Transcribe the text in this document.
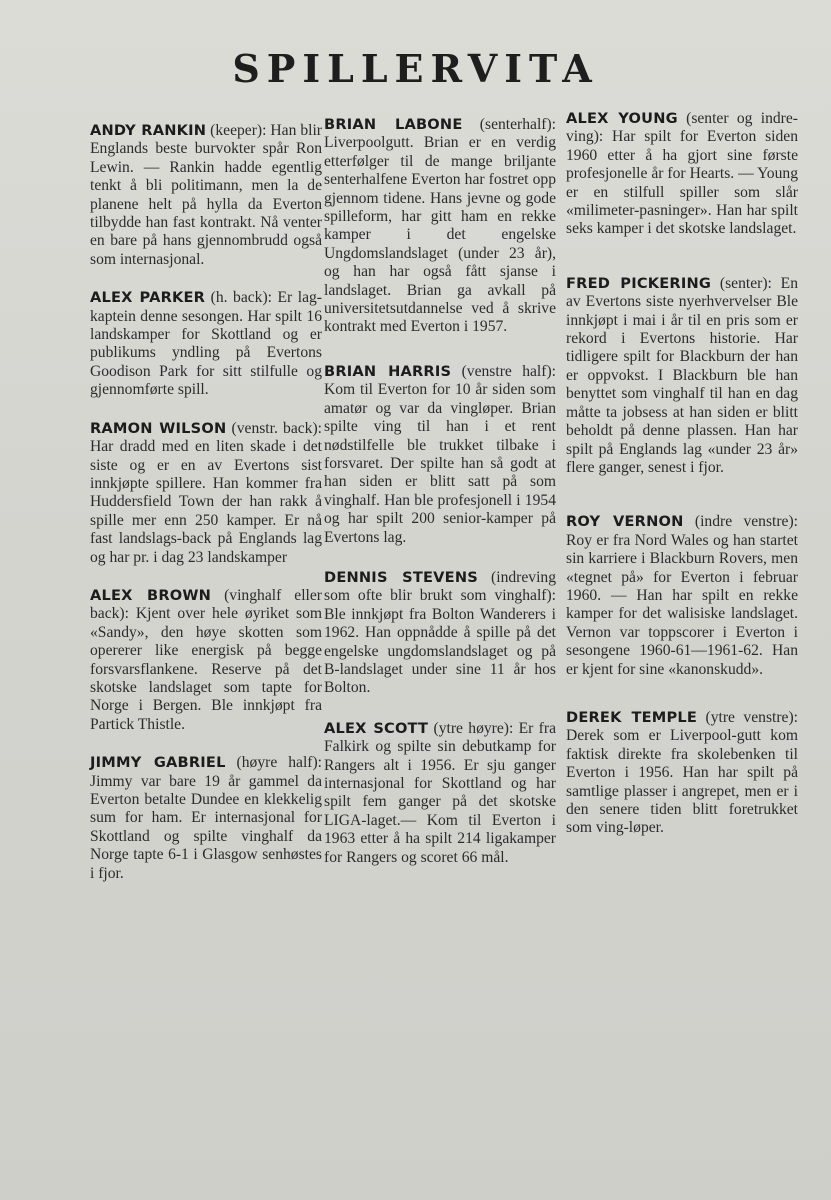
SPILLERVITA

ANDY RANKIN (keeper): Han blir Englands beste burvokter spår Ron Lewin. — Rankin hadde egentlig tenkt å bli politimann, men la de planene helt på hylla da Everton tilbydde han fast kontrakt. Nå venter en bare på hans gjennombrudd også som internasjonal.

ALEX PARKER (h. back): Er lag-kaptein denne sesongen. Har spilt 16 landskamper for Skottland og er publikums yndling på Evertons Goodison Park for sitt stilfulle og gjennomførte spill.

RAMON WILSON (venstr. back): Har dradd med en liten skade i det siste og er en av Evertons sist innkjøpte spillere. Han kommer fra Huddersfield Town der han rakk å spille mer enn 250 kamper. Er nå fast landslags-back på Englands lag og har pr. i dag 23 landskamper

ALEX BROWN (vinghalf eller back): Kjent over hele øyriket som «Sandy», den høye skotten som opererer like energisk på begge forsvarsflankene. Reserve på det skotske landslaget som tapte for Norge i Bergen. Ble innkjøpt fra Partick Thistle.

JIMMY GABRIEL (høyre half): Jimmy var bare 19 år gammel da Everton betalte Dundee en klekkelig sum for ham. Er internasjonal for Skottland og spilte vinghalf da Norge tapte 6-1 i Glasgow senhøstes i fjor.

BRIAN LABONE (senterhalf): Liverpoolgutt. Brian er en verdig etterfølger til de mange briljante senterhalfene Everton har fostret opp gjennom tidene. Hans jevne og gode spilleform, har gitt ham en rekke kamper i det engelske Ungdomslandslaget (under 23 år), og han har også fått sjanse i landslaget. Brian ga avkall på universitetsutdannelse ved å skrive kontrakt med Everton i 1957.

BRIAN HARRIS (venstre half): Kom til Everton for 10 år siden som amatør og var da vingløper. Brian spilte ving til han i et rent nødstilfelle ble trukket tilbake i forsvaret. Der spilte han så godt at han siden er blitt satt på som vinghalf. Han ble profesjonell i 1954 og har spilt 200 senior-kamper på Evertons lag.

DENNIS STEVENS (indreving som ofte blir brukt som vinghalf): Ble innkjøpt fra Bolton Wanderers i 1962. Han oppnådde å spille på det engelske ungdomslandslaget og på B-landslaget under sine 11 år hos Bolton.

ALEX SCOTT (ytre høyre): Er fra Falkirk og spilte sin debutkamp for Rangers alt i 1956. Er sju ganger internasjonal for Skottland og har spilt fem ganger på det skotske LIGA-laget.— Kom til Everton i 1963 etter å ha spilt 214 ligakamper for Rangers og scoret 66 mål.

ALEX YOUNG (senter og indre-ving): Har spilt for Everton siden 1960 etter å ha gjort sine første profesjonelle år for Hearts. — Young er en stilfull spiller som slår «milimeter-pasninger». Han har spilt seks kamper i det skotske landslaget.

FRED PICKERING (senter): En av Evertons siste nyerhvervelser Ble innkjøpt i mai i år til en pris som er rekord i Evertons historie. Har tidligere spilt for Blackburn der han er oppvokst. I Blackburn ble han benyttet som vinghalf til han en dag måtte ta jobsess at han siden er blitt beholdt på denne plassen. Han har spilt på Englands lag «under 23 år» flere ganger, senest i fjor.

ROY VERNON (indre venstre): Roy er fra Nord Wales og han startet sin karriere i Blackburn Rovers, men «tegnet på» for Everton i februar 1960. — Han har spilt en rekke kamper for det walisiske landslaget. Vernon var toppscorer i Everton i sesongene 1960-61—1961-62. Han er kjent for sine «kanonskudd».

DEREK TEMPLE (ytre venstre): Derek som er Liverpool-gutt kom faktisk direkte fra skolebenken til Everton i 1956. Han har spilt på samtlige plasser i angrepet, men er i den senere tiden blitt foretrukket som ving-løper.
